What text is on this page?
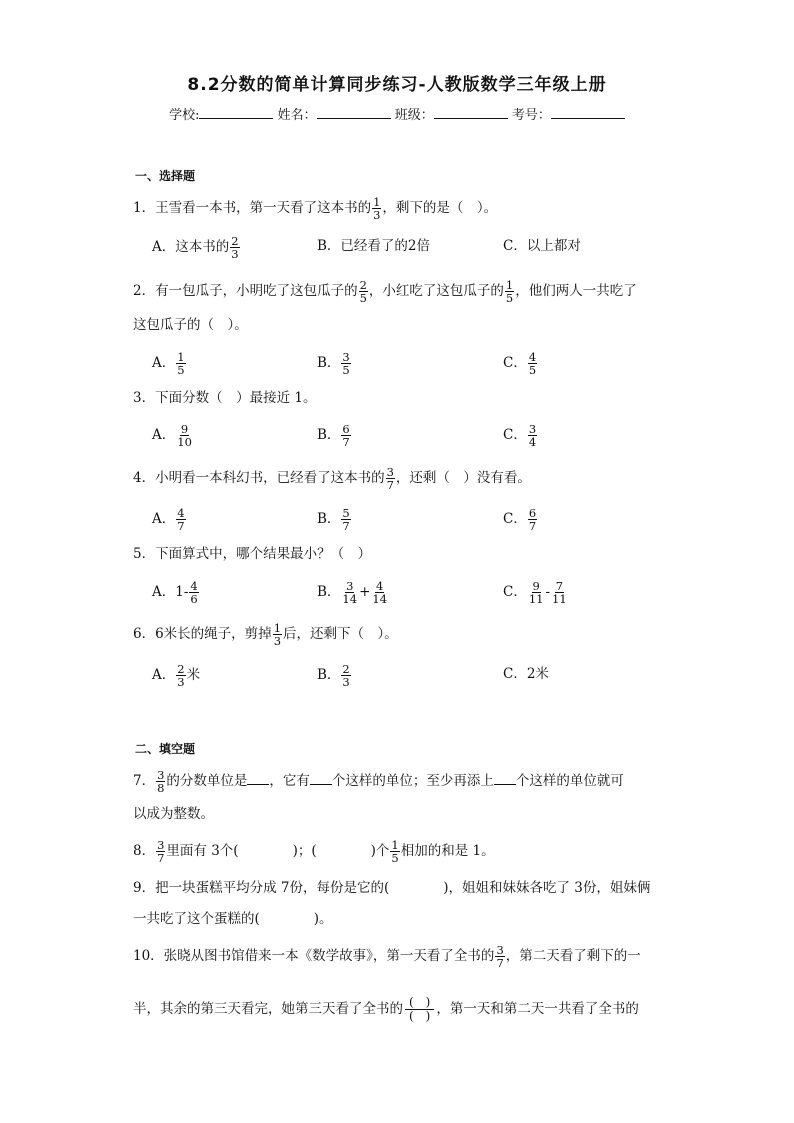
8.2分数的简单计算同步练习-人教版数学三年级上册
学校:	姓名：	班级：	考号：
一、选择题
1．王雪看一本书，第一天看了这本书的 $\frac{1}{3}$ ，剩下的是（　）。
A．这本书的 $\frac{2}{3}$	B．已经看了的2倍	C．以上都对
2．有一包瓜子，小明吃了这包瓜子的 $\frac{2}{5}$ ，小红吃了这包瓜子的 $\frac{1}{5}$ ，他们两人一共吃了
这包瓜子的（　）。
A． $\frac{1}{5}$	B． $\frac{3}{5}$	C． $\frac{4}{5}$
3．下面分数（　）最接近 1。
A． $\frac{9}{10}$	B． $\frac{6}{7}$	C． $\frac{3}{4}$
4．小明看一本科幻书，已经看了这本书的 $\frac{3}{7}$ ，还剩（　）没有看。
A． $\frac{4}{7}$	B． $\frac{5}{7}$	C． $\frac{6}{7}$
5．下面算式中，哪个结果最小？（　）
A．$1- \frac{4}{6}$	B． $\frac{3}{14} + \frac{4}{14}$	C． $\frac{9}{11} - \frac{7}{11}$
6．6米长的绳子，剪掉 $\frac{1}{3}$ 后，还剩下（　）。
A． $\frac{2}{3}$ 米	B． $\frac{2}{3}$	C．2米
二、填空题
7． $\frac{3}{8}$ 的分数单位是 ，它有 个这样的单位；至少再添上 个这样的单位就可
以成为整数。
8． $\frac{3}{7}$ 里面有 3个(　　　　)；(　　　　)个 $\frac{1}{5}$ 相加的和是 1。
9．把一块蛋糕平均分成 7份，每份是它的(　　　　)，姐姐和妹妹各吃了 3份，姐妹俩
一共吃了这个蛋糕的(　　　　)。
10．张晓从图书馆借来一本《数学故事》，第一天看了全书的 $\frac{3}{7}$ ，第二天看了剩下的一
半，其余的第三天看完，她第三天看了全书的 $\frac{( )}{( )}$ ，第一天和第二天一共看了全书的
